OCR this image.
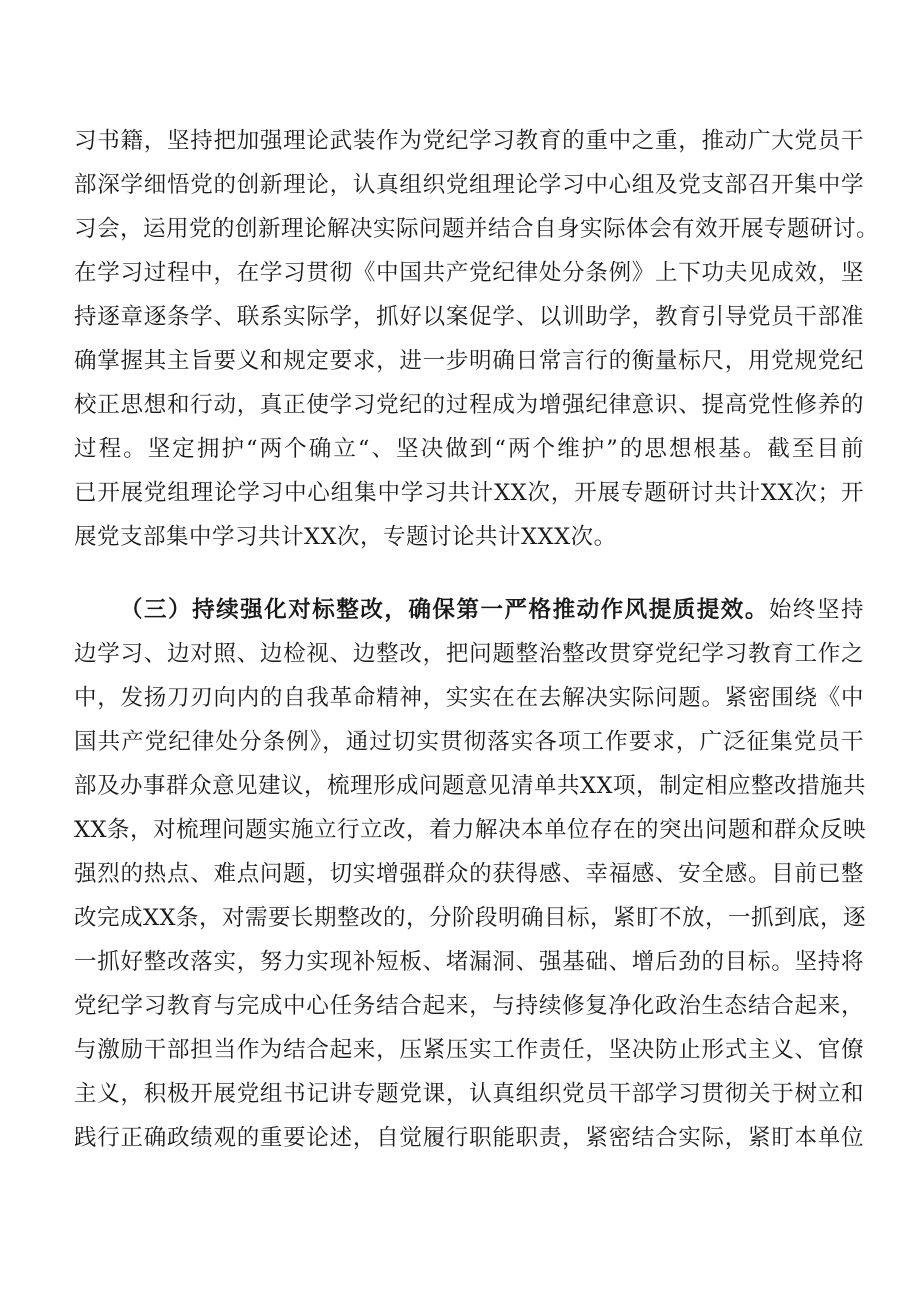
习书籍，坚持把加强理论武装作为党纪学习教育的重中之重，推动广大党员干
部深学细悟党的创新理论，认真组织党组理论学习中心组及党支部召开集中学
习会，运用党的创新理论解决实际问题并结合自身实际体会有效开展专题研讨。
在学习过程中，在学习贯彻《中国共产党纪律处分条例》上下功夫见成效，坚
持逐章逐条学、联系实际学，抓好以案促学、以训助学，教育引导党员干部准
确掌握其主旨要义和规定要求，进一步明确日常言行的衡量标尺，用党规党纪
校正思想和行动，真正使学习党纪的过程成为增强纪律意识、提高党性修养的
过程。坚定拥护“两个确立“、坚决做到“两个维护”的思想根基。截至目前
已开展党组理论学习中心组集中学习共计XX次，开展专题研讨共计XX次；开
展党支部集中学习共计XX次，专题讨论共计XXX次。
（三）持续强化对标整改，确保第一严格推动作风提质提效。始终坚持
边学习、边对照、边检视、边整改，把问题整治整改贯穿党纪学习教育工作之
中，发扬刀刃向内的自我革命精神，实实在在去解决实际问题。紧密围绕《中
国共产党纪律处分条例》，通过切实贯彻落实各项工作要求，广泛征集党员干
部及办事群众意见建议，梳理形成问题意见清单共XX项，制定相应整改措施共
XX条，对梳理问题实施立行立改，着力解决本单位存在的突出问题和群众反映
强烈的热点、难点问题，切实增强群众的获得感、幸福感、安全感。目前已整
改完成XX条，对需要长期整改的，分阶段明确目标，紧盯不放，一抓到底，逐
一抓好整改落实，努力实现补短板、堵漏洞、强基础、增后劲的目标。坚持将
党纪学习教育与完成中心任务结合起来，与持续修复净化政治生态结合起来，
与激励干部担当作为结合起来，压紧压实工作责任，坚决防止形式主义、官僚
主义，积极开展党组书记讲专题党课，认真组织党员干部学习贯彻关于树立和
践行正确政绩观的重要论述，自觉履行职能职责，紧密结合实际，紧盯本单位
